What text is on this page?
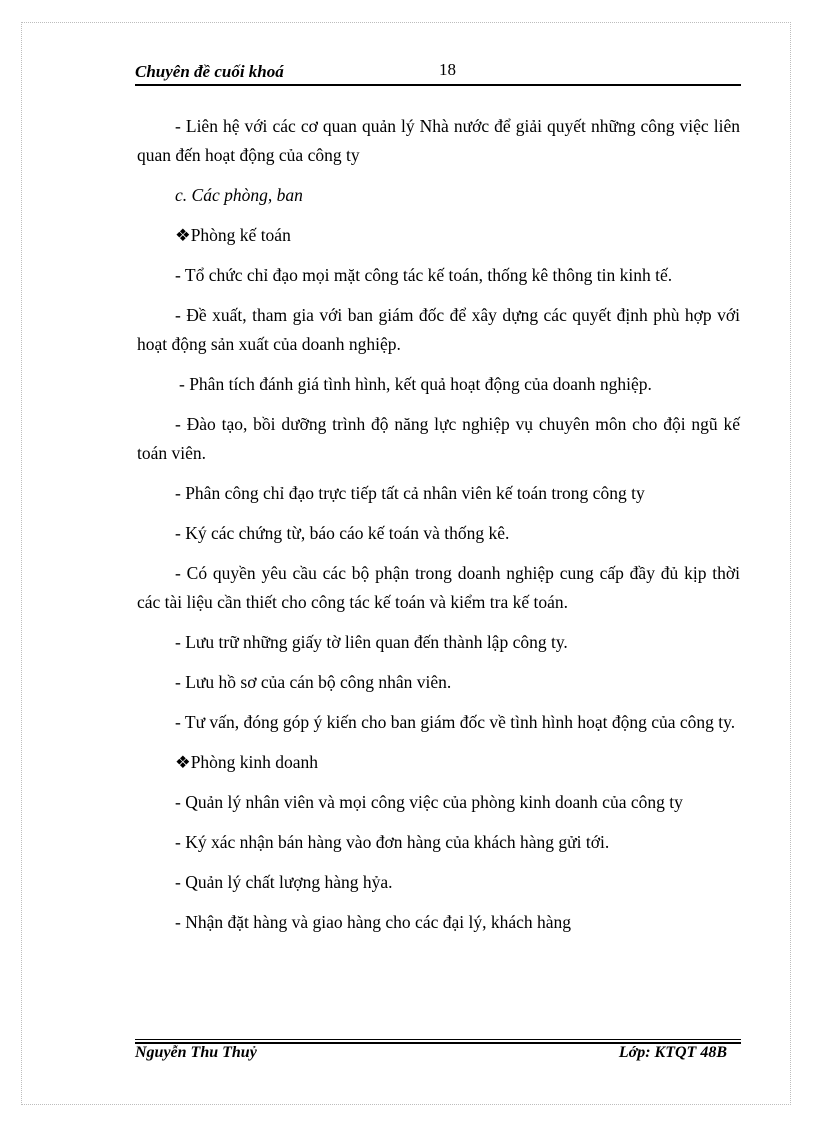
Chuyên đề cuối khoá	18

- Liên hệ với các cơ quan quản lý Nhà nước để giải quyết những công việc liên quan đến hoạt động của công ty

c. Các phòng, ban

❖Phòng kế toán

- Tổ chức chỉ đạo mọi mặt công tác kế toán, thống kê thông tin kinh tế.

- Đề xuất, tham gia với ban giám đốc để xây dựng các quyết định phù hợp với hoạt động sản xuất của doanh nghiệp.

- Phân tích đánh giá tình hình, kết quả hoạt động của doanh nghiệp.

- Đào tạo, bồi dưỡng trình độ năng lực nghiệp vụ chuyên môn cho đội ngũ kế toán viên.

- Phân công chỉ đạo trực tiếp tất cả nhân viên kế toán trong công ty

- Ký các chứng từ, báo cáo kế toán và thống kê.

- Có quyền yêu cầu các bộ phận trong doanh nghiệp cung cấp đầy đủ kịp thời các tài liệu cần thiết cho công tác kế toán và kiểm tra kế toán.

- Lưu trữ những giấy tờ liên quan đến thành lập công ty.

- Lưu hồ sơ của cán bộ công nhân viên.

- Tư vấn, đóng góp ý kiến cho ban giám đốc về tình hình hoạt động của công ty.

❖Phòng kinh doanh

- Quản lý nhân viên và mọi công việc của phòng kinh doanh của công ty

- Ký xác nhận bán hàng vào đơn hàng của khách hàng gửi tới.

- Quản lý chất lượng hàng hỷa.

- Nhận đặt hàng và giao hàng cho các đại lý, khách hàng

Nguyễn Thu Thuỷ	Lớp: KTQT 48B
